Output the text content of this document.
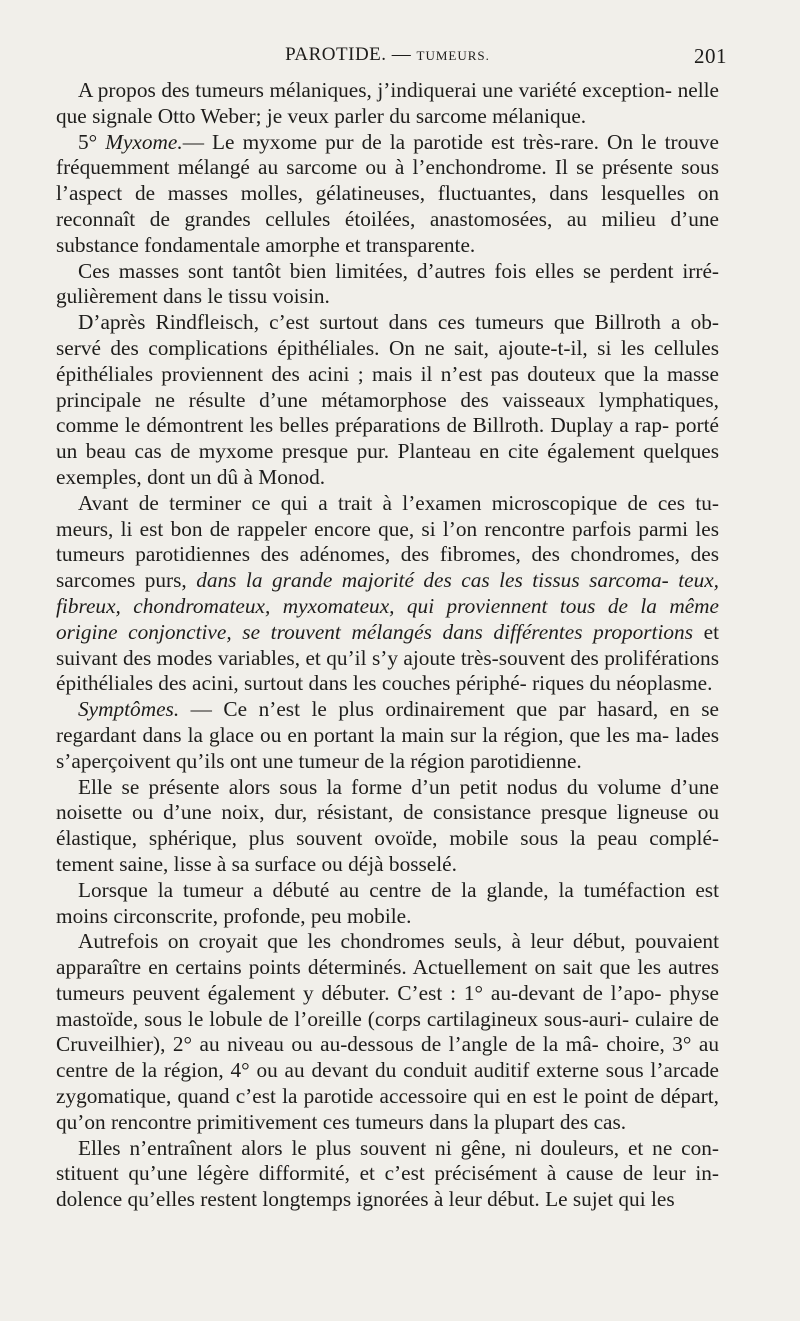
PAROTIDE. — TUMEURS.	201

A propos des tumeurs mélaniques, j’indiquerai une variété exception- nelle que signale Otto Weber; je veux parler du sarcome mélanique.

5° Myxome.— Le myxome pur de la parotide est très-rare. On le trouve fréquemment mélangé au sarcome ou à l’enchondrome. Il se présente sous l’aspect de masses molles, gélatineuses, fluctuantes, dans lesquelles on reconnaît de grandes cellules étoilées, anastomosées, au milieu d’une substance fondamentale amorphe et transparente.

Ces masses sont tantôt bien limitées, d’autres fois elles se perdent irré- gulièrement dans le tissu voisin.

D’après Rindfleisch, c’est surtout dans ces tumeurs que Billroth a ob- servé des complications épithéliales. On ne sait, ajoute-t-il, si les cellules épithéliales proviennent des acini ; mais il n’est pas douteux que la masse principale ne résulte d’une métamorphose des vaisseaux lymphatiques, comme le démontrent les belles préparations de Billroth. Duplay a rap- porté un beau cas de myxome presque pur. Planteau en cite également quelques exemples, dont un dû à Monod.

Avant de terminer ce qui a trait à l’examen microscopique de ces tu- meurs, li est bon de rappeler encore que, si l’on rencontre parfois parmi les tumeurs parotidiennes des adénomes, des fibromes, des chondromes, des sarcomes purs, dans la grande majorité des cas les tissus sarcoma- teux, fibreux, chondromateux, myxomateux, qui proviennent tous de la même origine conjonctive, se trouvent mélangés dans différentes proportions et suivant des modes variables, et qu’il s’y ajoute très-souvent des proliférations épithéliales des acini, surtout dans les couches périphé- riques du néoplasme.

Symptômes. — Ce n’est le plus ordinairement que par hasard, en se regardant dans la glace ou en portant la main sur la région, que les ma- lades s’aperçoivent qu’ils ont une tumeur de la région parotidienne.

Elle se présente alors sous la forme d’un petit nodus du volume d’une noisette ou d’une noix, dur, résistant, de consistance presque ligneuse ou élastique, sphérique, plus souvent ovoïde, mobile sous la peau complé- tement saine, lisse à sa surface ou déjà bosselé.

Lorsque la tumeur a débuté au centre de la glande, la tuméfaction est moins circonscrite, profonde, peu mobile.

Autrefois on croyait que les chondromes seuls, à leur début, pouvaient apparaître en certains points déterminés. Actuellement on sait que les autres tumeurs peuvent également y débuter. C’est : 1° au-devant de l’apo- physe mastoïde, sous le lobule de l’oreille (corps cartilagineux sous-auri- culaire de Cruveilhier), 2° au niveau ou au-dessous de l’angle de la mâ- choire, 3° au centre de la région, 4° ou au devant du conduit auditif externe sous l’arcade zygomatique, quand c’est la parotide accessoire qui en est le point de départ, qu’on rencontre primitivement ces tumeurs dans la plupart des cas.

Elles n’entraînent alors le plus souvent ni gêne, ni douleurs, et ne con- stituent qu’une légère difformité, et c’est précisément à cause de leur in- dolence qu’elles restent longtemps ignorées à leur début. Le sujet qui les
